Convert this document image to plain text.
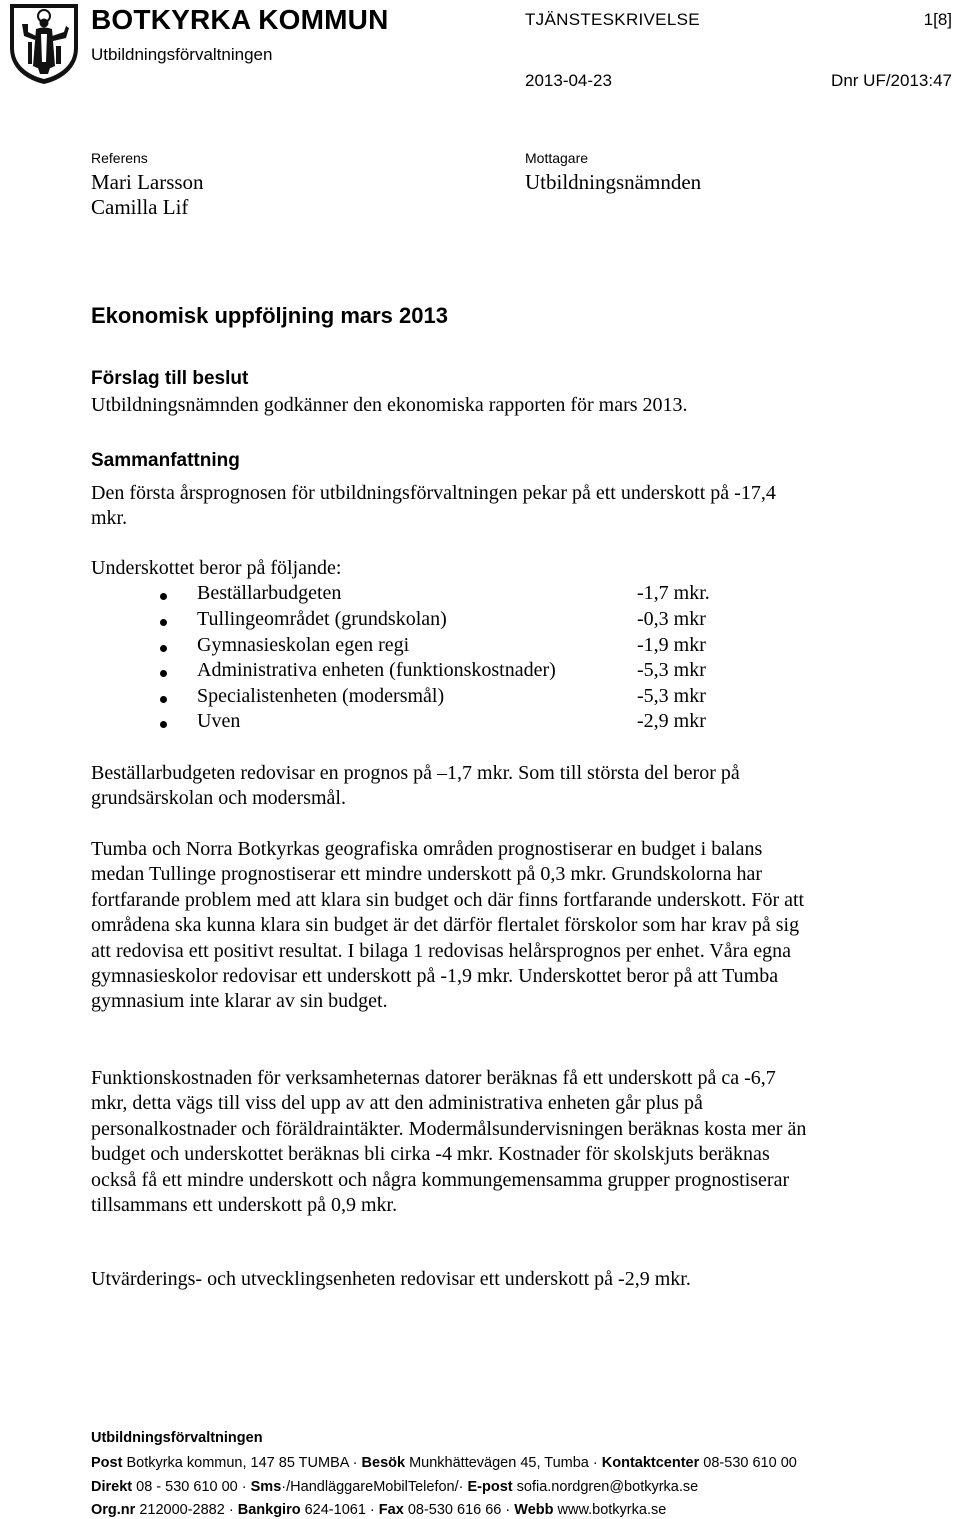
BOTKYRKA KOMMUN
Utbildningsförvaltningen
TJÄNSTESKRIVELSE	1[8]
2013-04-23	Dnr UF/2013:47
Referens
Mari Larsson
Camilla Lif
Mottagare
Utbildningsnämnden
Ekonomisk uppföljning mars 2013
Förslag till beslut
Utbildningsnämnden godkänner den ekonomiska rapporten för mars 2013.
Sammanfattning
Den första årsprognosen för utbildningsförvaltningen pekar på ett underskott på -17,4 mkr.
Underskottet beror på följande:
Beställarbudgeten	-1,7 mkr.
Tullingeområdet (grundskolan)	-0,3 mkr
Gymnasieskolan egen regi	-1,9 mkr
Administrativa enheten (funktionskostnader)	-5,3 mkr
Specialistenheten (modersmål)	-5,3 mkr
Uven	-2,9 mkr
Beställarbudgeten redovisar en prognos på –1,7 mkr. Som till största del beror på grundsärskolan och modersmål.
Tumba och Norra Botkyrkas geografiska områden prognostiserar en budget i balans medan Tullinge prognostiserar ett mindre underskott på 0,3 mkr. Grundskolorna har fortfarande problem med att klara sin budget och där finns fortfarande underskott. För att områdena ska kunna klara sin budget är det därför flertalet förskolor som har krav på sig att redovisa ett positivt resultat. I bilaga 1 redovisas helårsprognos per enhet. Våra egna gymnasieskolor redovisar ett underskott på -1,9 mkr. Underskottet beror på att Tumba gymnasium inte klarar av sin budget.
Funktionskostnaden för verksamheternas datorer beräknas få ett underskott på ca -6,7 mkr, detta vägs till viss del upp av att den administrativa enheten går plus på personalkostnader och föräldraintäkter. Modermålsundervisningen beräknas kosta mer än budget och underskottet beräknas bli cirka -4 mkr. Kostnader för skolskjuts beräknas också få ett mindre underskott och några kommungemensamma grupper prognostiserar tillsammans ett underskott på 0,9 mkr.
Utvärderings- och utvecklingsenheten redovisar ett underskott på -2,9 mkr.
Utbildningsförvaltningen
Post Botkyrka kommun, 147 85 TUMBA · Besök Munkhättevägen 45, Tumba · Kontaktcenter 08-530 610 00
Direkt 08 - 530 610 00 · Sms·/HandläggareMobilTelefon/· E-post sofia.nordgren@botkyrka.se
Org.nr 212000-2882 · Bankgiro 624-1061 · Fax 08-530 616 66 · Webb www.botkyrka.se
